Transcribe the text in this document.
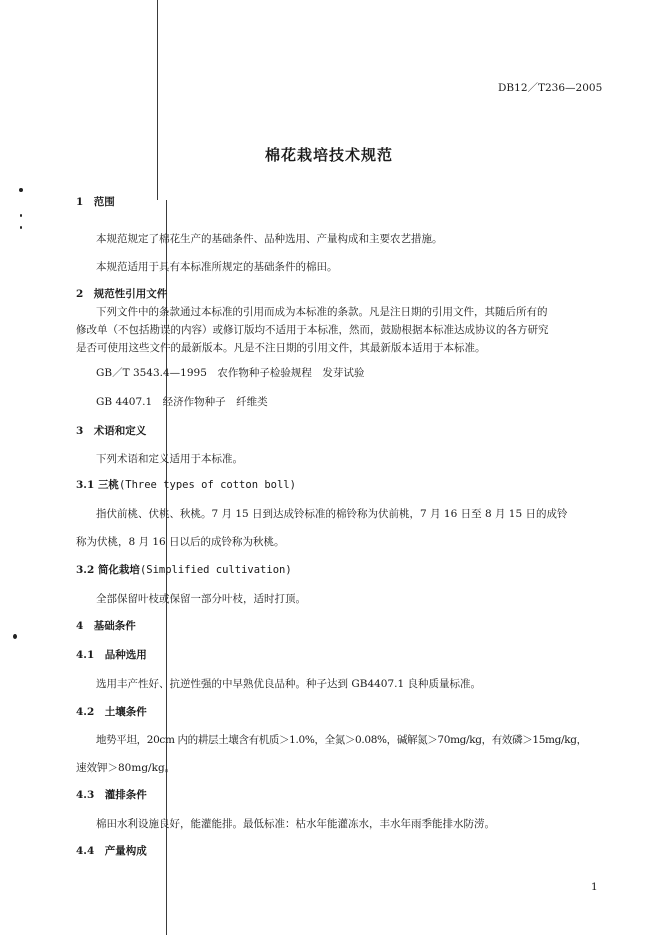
DB12／T236—2005
棉花栽培技术规范
1　范围
本规范规定了棉花生产的基础条件、品种选用、产量构成和主要农艺措施。
本规范适用于具有本标准所规定的基础条件的棉田。
2　规范性引用文件
下列文件中的条款通过本标准的引用而成为本标准的条款。凡是注日期的引用文件，其随后所有的
修改单（不包括勘误的内容）或修订版均不适用于本标准，然而，鼓励根据本标准达成协议的各方研究
是否可使用这些文件的最新版本。凡是不注日期的引用文件，其最新版本适用于本标准。
GB／T 3543.4—1995　农作物种子检验规程　发芽试验
GB 4407.1　经济作物种子　纤维类
3　术语和定义
下列术语和定义适用于本标准。
3.1 三桃(Three types of cotton boll)
指伏前桃、伏桃、秋桃。7 月 15 日到达成铃标准的棉铃称为伏前桃，7 月 16 日至 8 月 15 日的成铃
称为伏桃，8 月 16 日以后的成铃称为秋桃。
3.2 简化栽培(Simplified cultivation)
全部保留叶枝或保留一部分叶枝，适时打顶。
4　基础条件
4.1　品种选用
选用丰产性好、抗逆性强的中早熟优良品种。种子达到 GB4407.1 良种质量标准。
4.2　土壤条件
地势平坦，20cm 内的耕层土壤含有机质＞1.0%，全氮＞0.08%，碱解氮＞70mg/kg，有效磷＞15mg/kg，
速效钾＞80mg/kg。
4.3　灌排条件
棉田水利设施良好，能灌能排。最低标准：枯水年能灌冻水，丰水年雨季能排水防涝。
4.4　产量构成
1
